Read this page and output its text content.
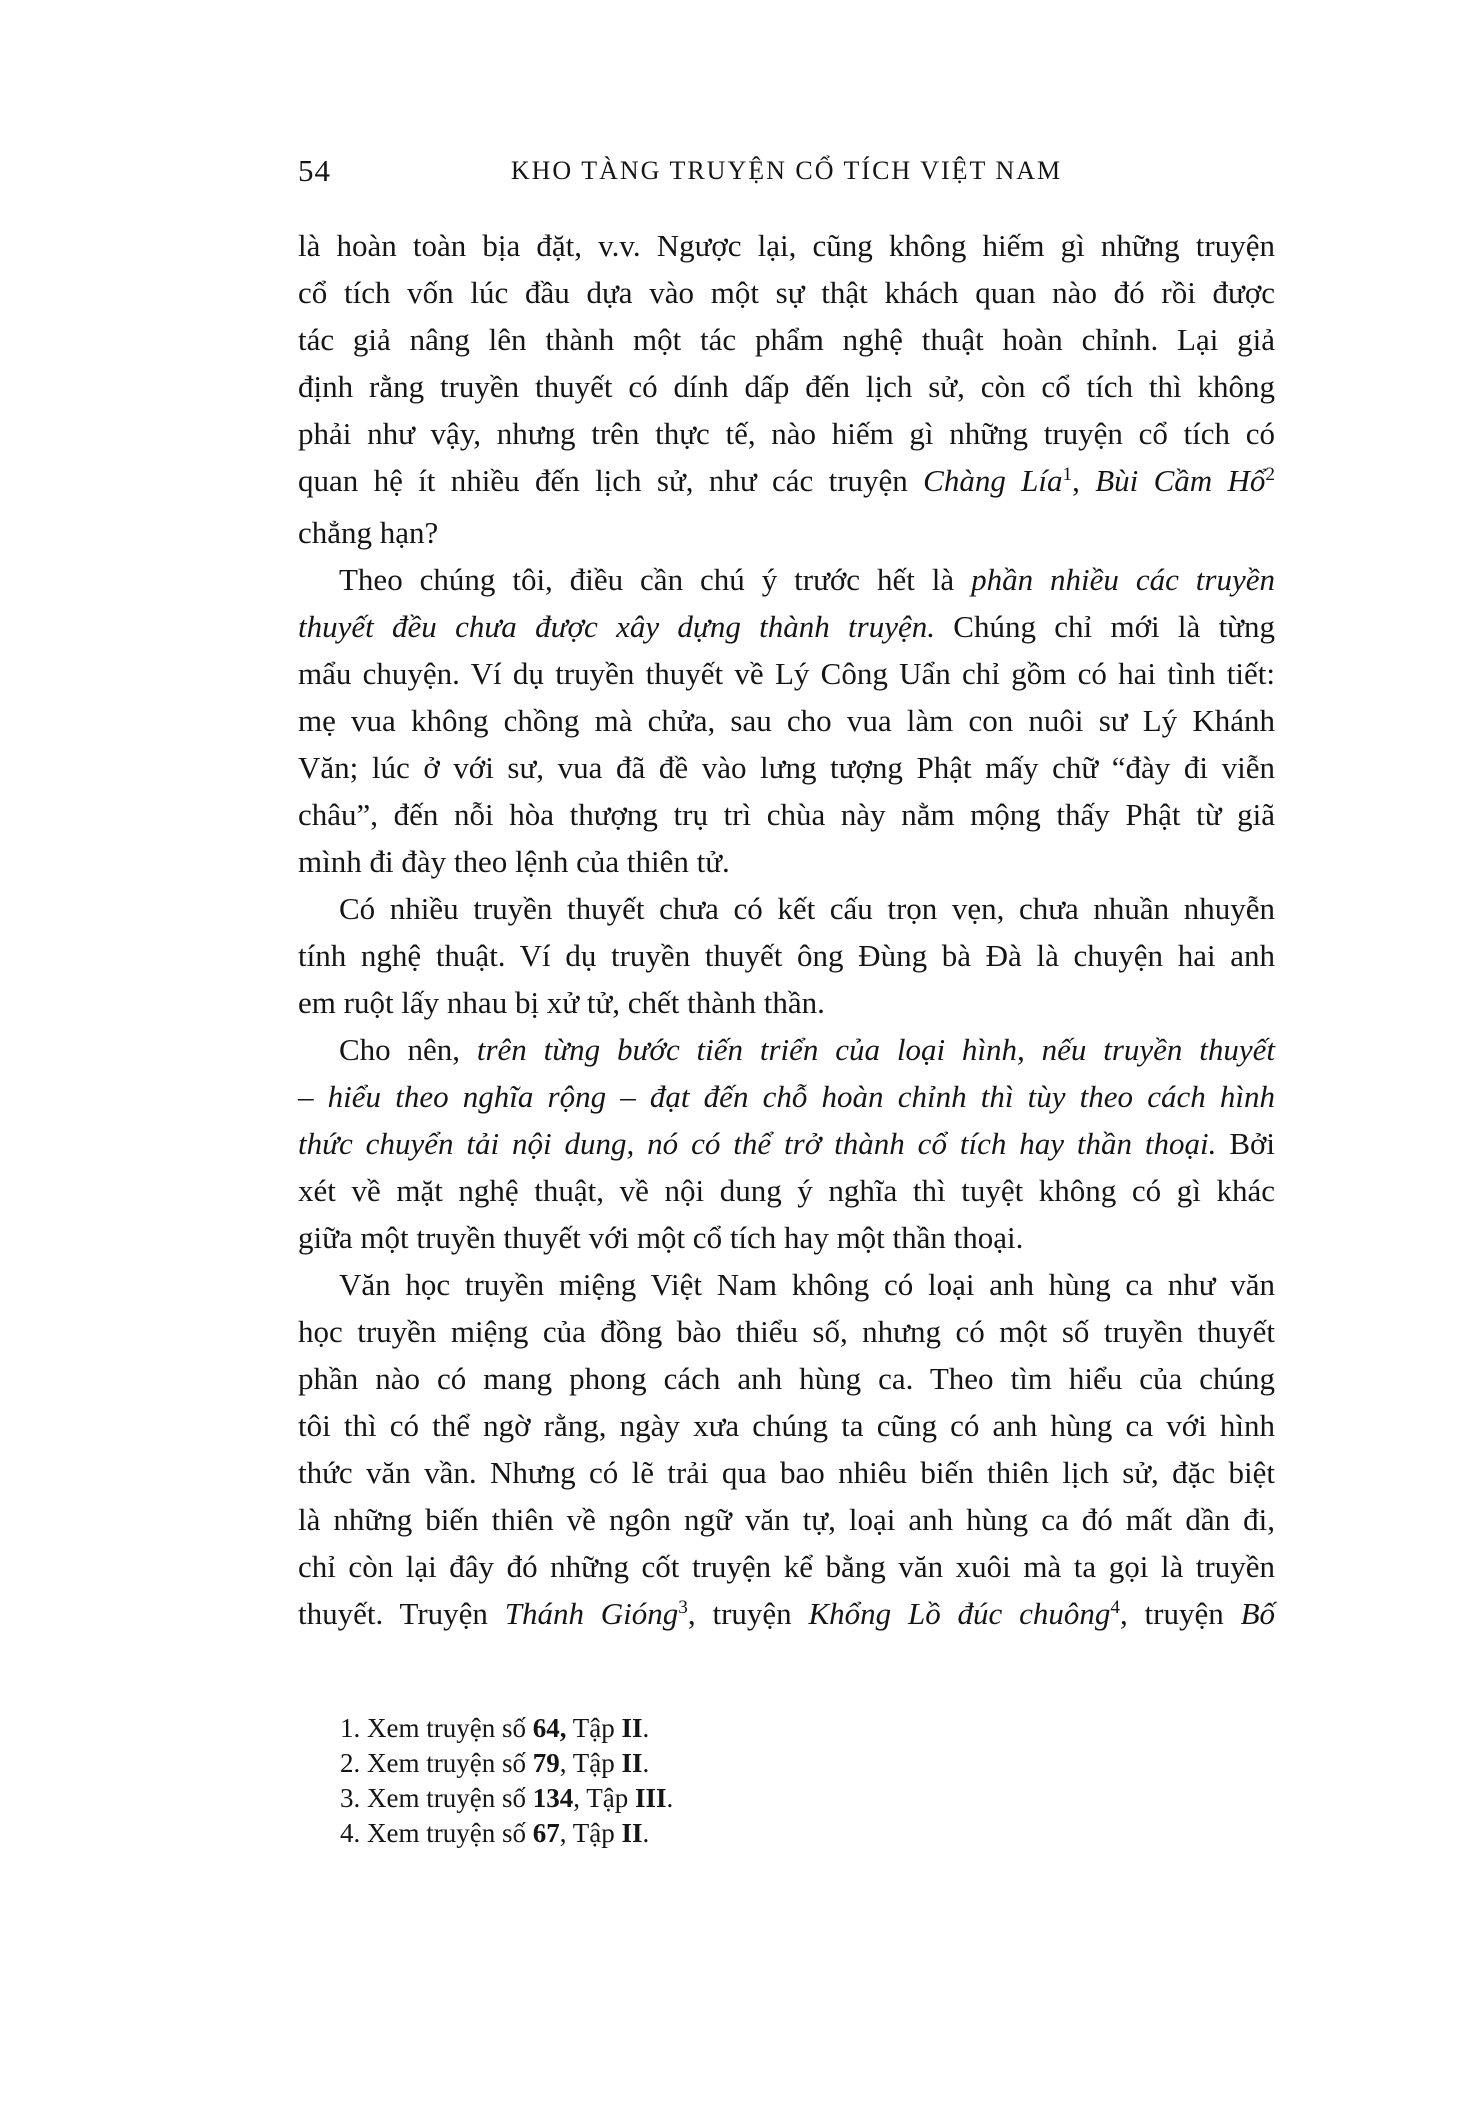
54	KHO TÀNG TRUYỆN CỔ TÍCH VIỆT NAM
là hoàn toàn bịa đặt, v.v. Ngược lại, cũng không hiếm gì những truyện
cổ tích vốn lúc đầu dựa vào một sự thật khách quan nào đó rồi được
tác giả nâng lên thành một tác phẩm nghệ thuật hoàn chỉnh. Lại giả
định rằng truyền thuyết có dính dấp đến lịch sử, còn cổ tích thì không
phải như vậy, nhưng trên thực tế, nào hiếm gì những truyện cổ tích có
quan hệ ít nhiều đến lịch sử, như các truyện Chàng Lía$^1$, Bùi Cầm Hổ$^2$
chẳng hạn?
Theo chúng tôi, điều cần chú ý trước hết là phần nhiều các truyền
thuyết đều chưa được xây dựng thành truyện. Chúng chỉ mới là từng
mẩu chuyện. Ví dụ truyền thuyết về Lý Công Uẩn chỉ gồm có hai tình tiết:
mẹ vua không chồng mà chửa, sau cho vua làm con nuôi sư Lý Khánh
Văn; lúc ở với sư, vua đã đề vào lưng tượng Phật mấy chữ “đày đi viễn
châu”, đến nỗi hòa thượng trụ trì chùa này nằm mộng thấy Phật từ giã
mình đi đày theo lệnh của thiên tử.
Có nhiều truyền thuyết chưa có kết cấu trọn vẹn, chưa nhuần nhuyễn
tính nghệ thuật. Ví dụ truyền thuyết ông Đùng bà Đà là chuyện hai anh
em ruột lấy nhau bị xử tử, chết thành thần.
Cho nên, trên từng bước tiến triển của loại hình, nếu truyền thuyết
– hiểu theo nghĩa rộng – đạt đến chỗ hoàn chỉnh thì tùy theo cách hình
thức chuyển tải nội dung, nó có thể trở thành cổ tích hay thần thoại. Bởi
xét về mặt nghệ thuật, về nội dung ý nghĩa thì tuyệt không có gì khác
giữa một truyền thuyết với một cổ tích hay một thần thoại.
Văn học truyền miệng Việt Nam không có loại anh hùng ca như văn
học truyền miệng của đồng bào thiểu số, nhưng có một số truyền thuyết
phần nào có mang phong cách anh hùng ca. Theo tìm hiểu của chúng
tôi thì có thể ngờ rằng, ngày xưa chúng ta cũng có anh hùng ca với hình
thức văn vần. Nhưng có lẽ trải qua bao nhiêu biến thiên lịch sử, đặc biệt
là những biến thiên về ngôn ngữ văn tự, loại anh hùng ca đó mất dần đi,
chỉ còn lại đây đó những cốt truyện kể bằng văn xuôi mà ta gọi là truyền
thuyết. Truyện Thánh Gióng$^3$, truyện Khổng Lồ đúc chuông$^4$, truyện Bố
1. Xem truyện số 64, Tập II.
2. Xem truyện số 79, Tập II.
3. Xem truyện số 134, Tập III.
4. Xem truyện số 67, Tập II.
